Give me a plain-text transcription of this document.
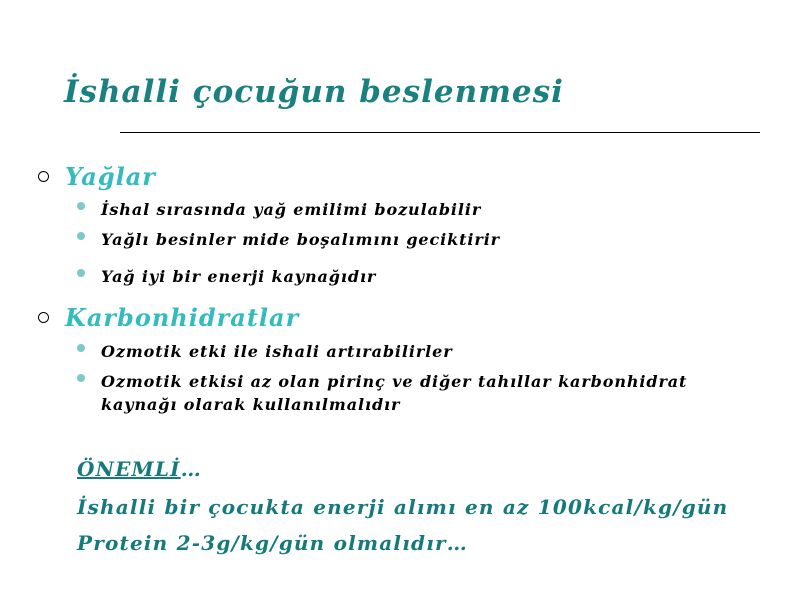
İshalli çocuğun beslenmesi
Yağlar
İshal sırasında yağ emilimi bozulabilir
Yağlı besinler mide boşalımını geciktirir
Yağ iyi bir enerji kaynağıdır
Karbonhidratlar
Ozmotik etki ile ishali artırabilirler
Ozmotik etkisi az olan pirinç ve diğer tahıllar karbonhidrat kaynağı olarak kullanılmalıdır
ÖNEMLİ…
İshalli bir çocukta enerji alımı en az 100kcal/kg/gün
Protein 2-3g/kg/gün olmalıdır…
